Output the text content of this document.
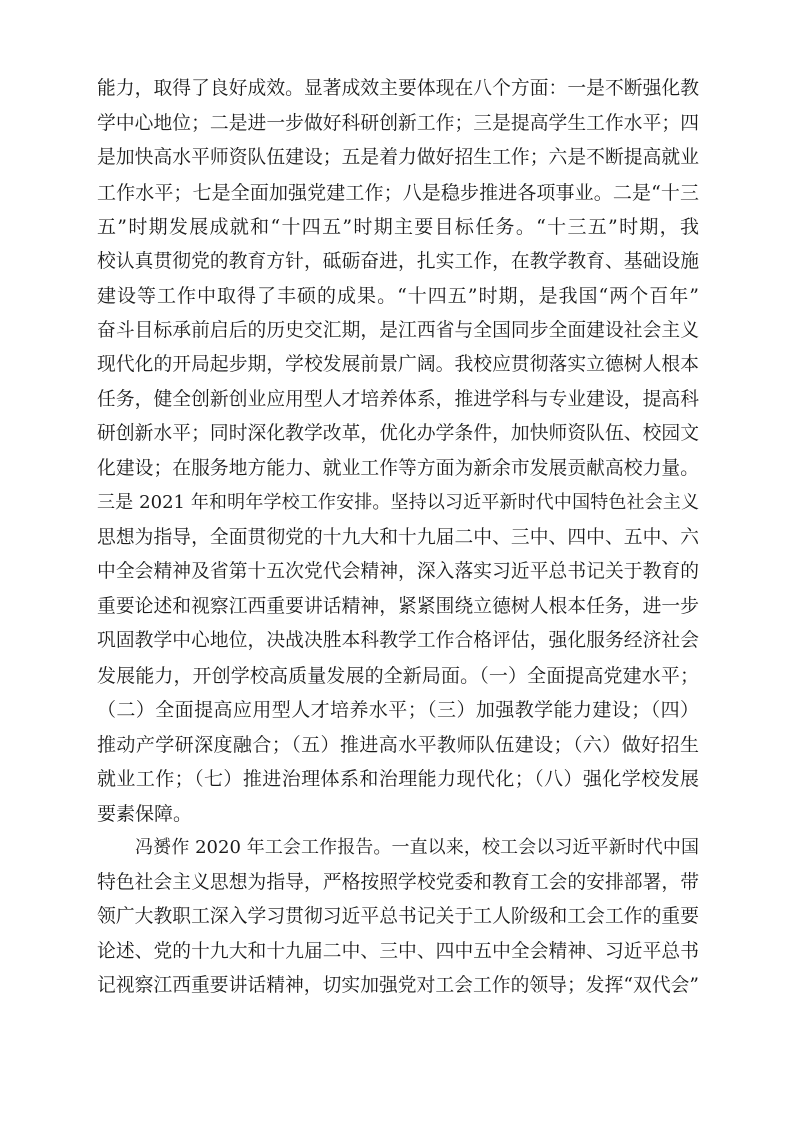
能力，取得了良好成效。显著成效主要体现在八个方面：一是不断强化教
学中心地位；二是进一步做好科研创新工作；三是提高学生工作水平；四
是加快高水平师资队伍建设；五是着力做好招生工作；六是不断提高就业
工作水平；七是全面加强党建工作；八是稳步推进各项事业。二是“十三
五”时期发展成就和“十四五”时期主要目标任务。“十三五”时期，我
校认真贯彻党的教育方针，砥砺奋进，扎实工作，在教学教育、基础设施
建设等工作中取得了丰硕的成果。“十四五”时期，是我国“两个百年”
奋斗目标承前启后的历史交汇期，是江西省与全国同步全面建设社会主义
现代化的开局起步期，学校发展前景广阔。我校应贯彻落实立德树人根本
任务，健全创新创业应用型人才培养体系，推进学科与专业建设，提高科
研创新水平；同时深化教学改革，优化办学条件，加快师资队伍、校园文
化建设；在服务地方能力、就业工作等方面为新余市发展贡献高校力量。
三是 2021 年和明年学校工作安排。坚持以习近平新时代中国特色社会主义
思想为指导，全面贯彻党的十九大和十九届二中、三中、四中、五中、六
中全会精神及省第十五次党代会精神，深入落实习近平总书记关于教育的
重要论述和视察江西重要讲话精神，紧紧围绕立德树人根本任务，进一步
巩固教学中心地位，决战决胜本科教学工作合格评估，强化服务经济社会
发展能力，开创学校高质量发展的全新局面。（一）全面提高党建水平；
（二）全面提高应用型人才培养水平；（三）加强教学能力建设；（四）
推动产学研深度融合；（五）推进高水平教师队伍建设；（六）做好招生
就业工作；（七）推进治理体系和治理能力现代化；（八）强化学校发展
要素保障。

冯赟作 2020 年工会工作报告。一直以来，校工会以习近平新时代中国
特色社会主义思想为指导，严格按照学校党委和教育工会的安排部署，带
领广大教职工深入学习贯彻习近平总书记关于工人阶级和工会工作的重要
论述、党的十九大和十九届二中、三中、四中五中全会精神、习近平总书
记视察江西重要讲话精神，切实加强党对工会工作的领导；发挥“双代会”
